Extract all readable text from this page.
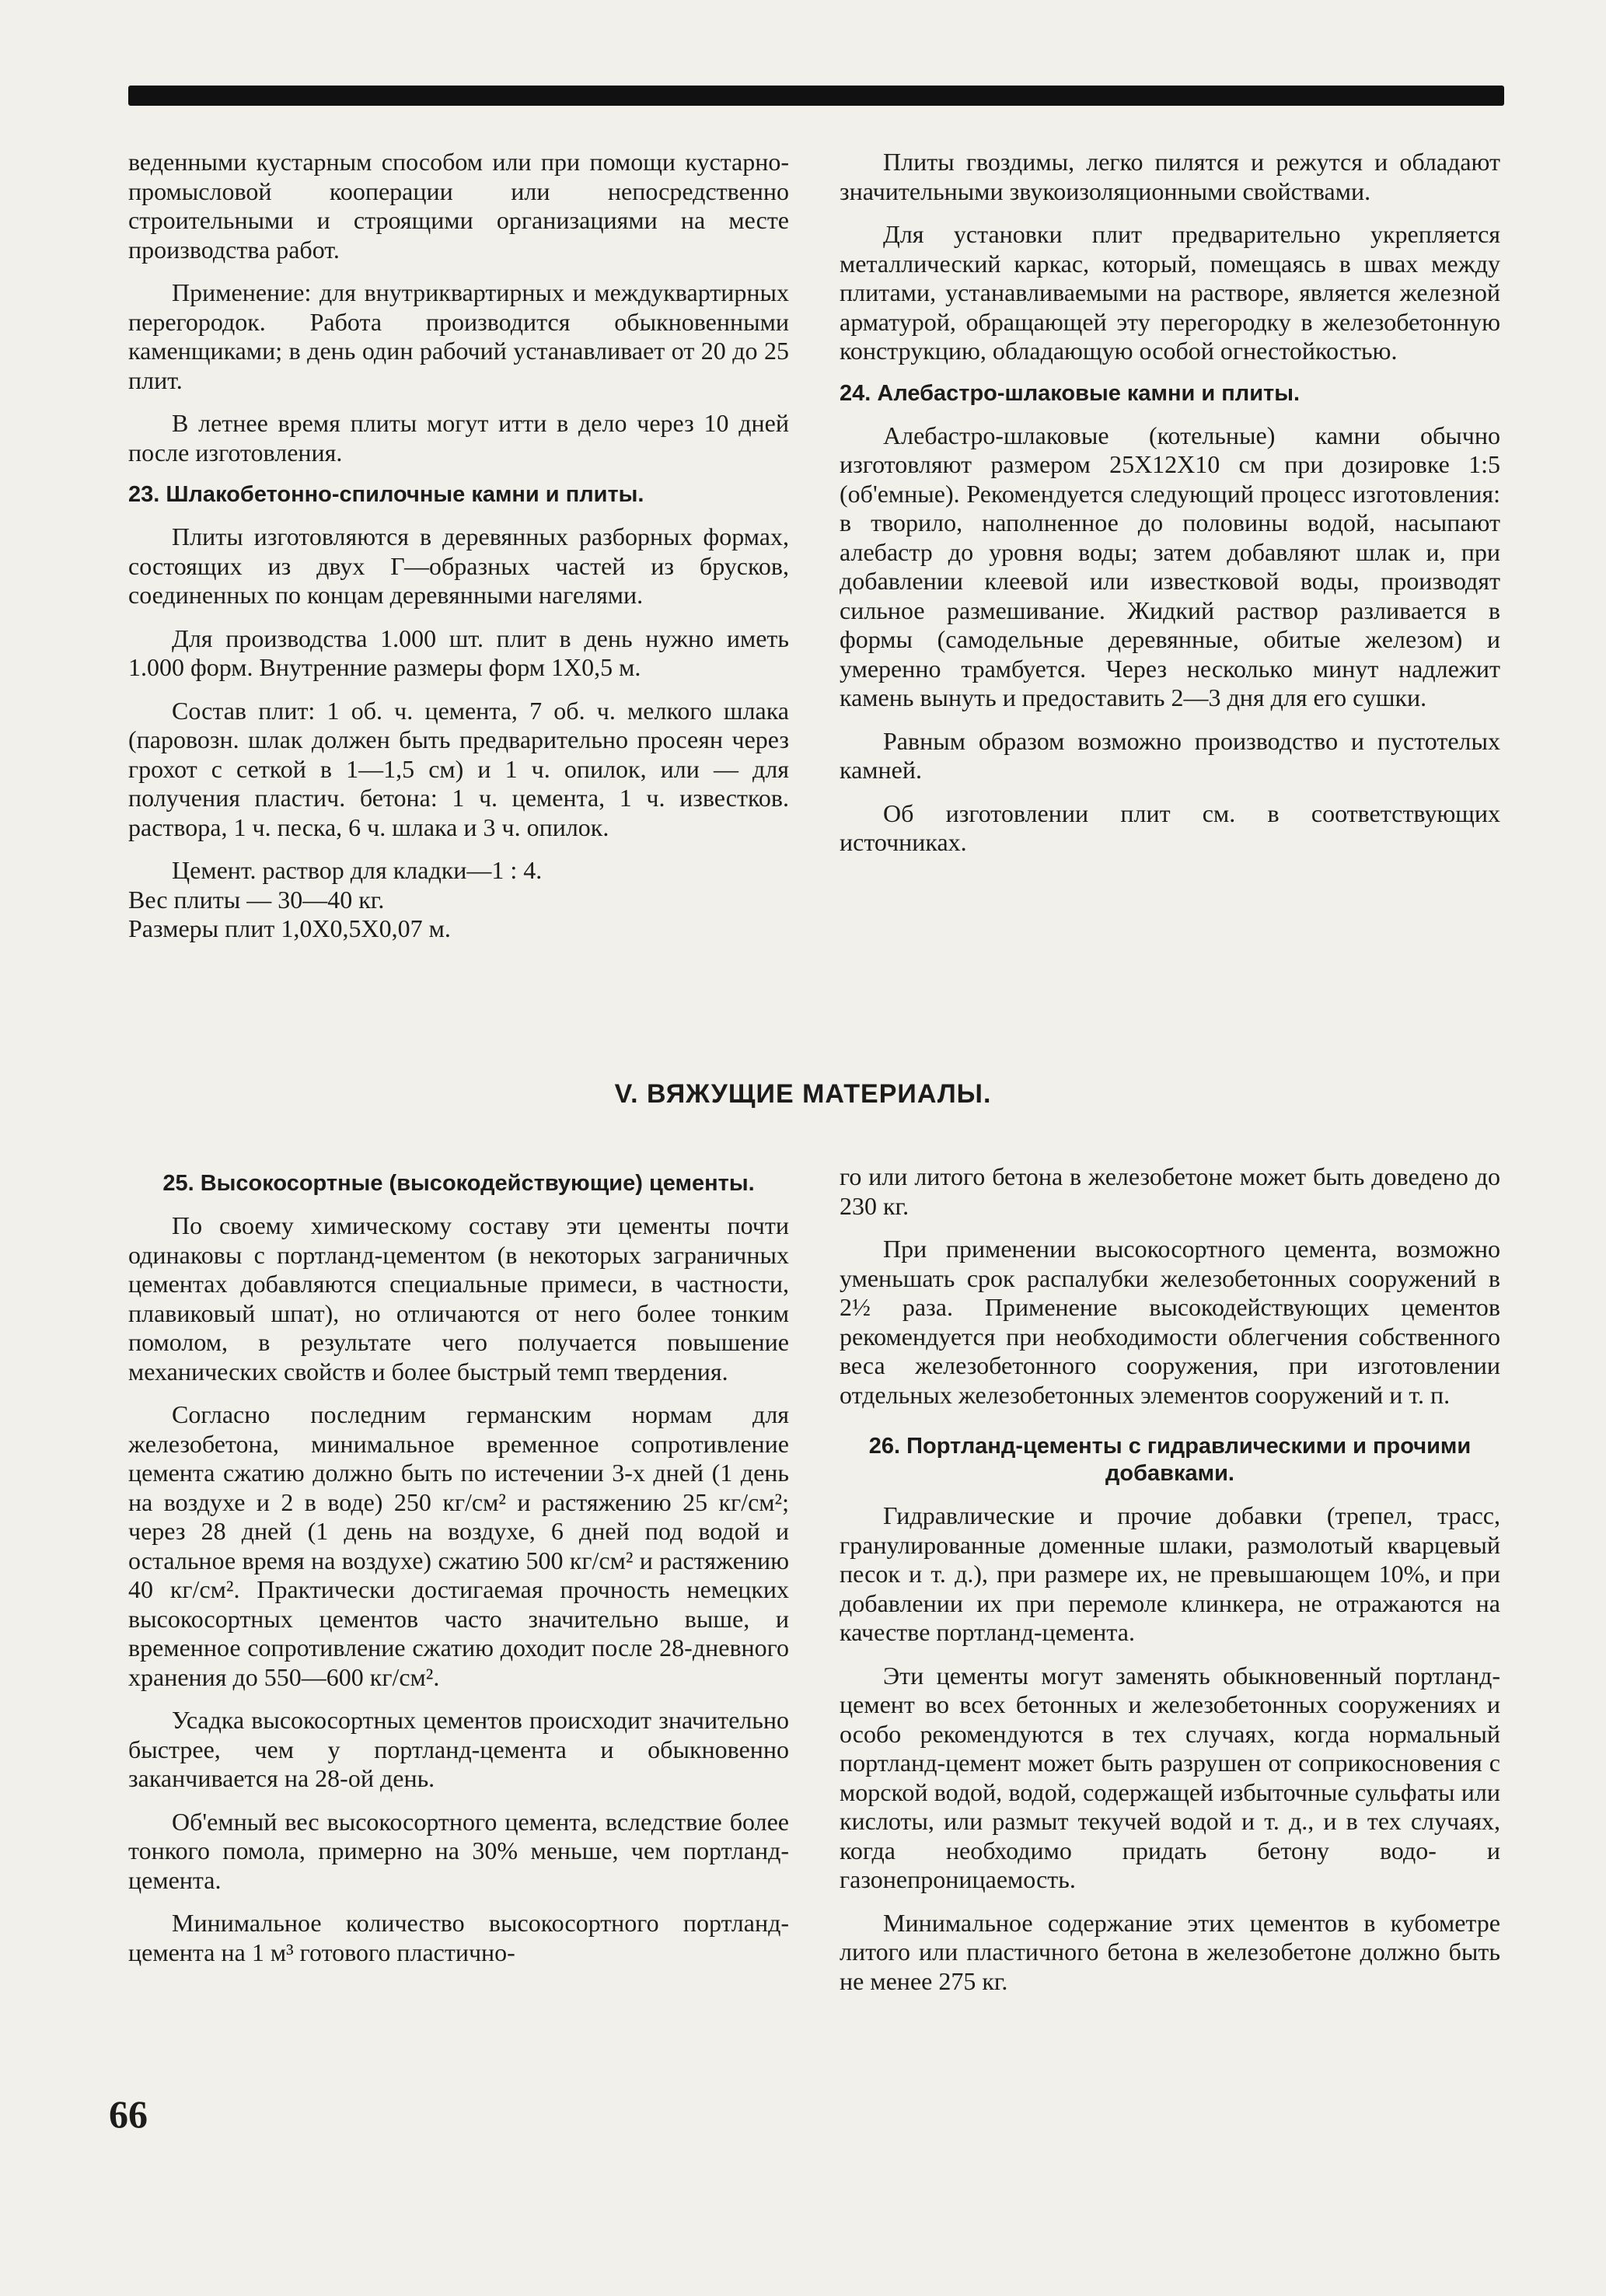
веденными кустарным способом или при помощи кустарно-промысловой кооперации или непосредственно строительными и строящими организациями на месте производства работ.

Применение: для внутриквартирных и междуквартирных перегородок. Работа производится обыкновенными каменщиками; в день один рабочий устанавливает от 20 до 25 плит.

В летнее время плиты могут итти в дело через 10 дней после изготовления.

23. Шлакобетонно-спилочные камни и плиты.

Плиты изготовляются в деревянных разборных формах, состоящих из двух Г—образных частей из брусков, соединенных по концам деревянными нагелями.

Для производства 1.000 шт. плит в день нужно иметь 1.000 форм. Внутренние размеры форм 1Х0,5 м.

Состав плит: 1 об. ч. цемента, 7 об. ч. мелкого шлака (паровозн. шлак должен быть предварительно просеян через грохот с сеткой в 1—1,5 см) и 1 ч. опилок, или — для получения пластич. бетона: 1 ч. цемента, 1 ч. известков. раствора, 1 ч. песка, 6 ч. шлака и 3 ч. опилок.

Цемент. раствор для кладки—1 : 4.
Вес плиты — 30—40 кг.
Размеры плит 1,0Х0,5Х0,07 м.

Плиты гвоздимы, легко пилятся и режутся и обладают значительными звукоизоляционными свойствами.

Для установки плит предварительно укрепляется металлический каркас, который, помещаясь в швах между плитами, устанавливаемыми на растворе, является железной арматурой, обращающей эту перегородку в железобетонную конструкцию, обладающую особой огнестойкостью.

24. Алебастро-шлаковые камни и плиты.

Алебастро-шлаковые (котельные) камни обычно изготовляют размером 25Х12Х10 см при дозировке 1:5 (об'емные). Рекомендуется следующий процесс изготовления: в творило, наполненное до половины водой, насыпают алебастр до уровня воды; затем добавляют шлак и, при добавлении клеевой или известковой воды, производят сильное размешивание. Жидкий раствор разливается в формы (самодельные деревянные, обитые железом) и умеренно трамбуется. Через несколько минут надлежит камень вынуть и предоставить 2—3 дня для его сушки.

Равным образом возможно производство и пустотелых камней.

Об изготовлении плит см. в соответствующих источниках.

V. ВЯЖУЩИЕ МАТЕРИАЛЫ.
25. Высокосортные (высокодействующие) цементы.

По своему химическому составу эти цементы почти одинаковы с портланд-цементом (в некоторых заграничных цементах добавляются специальные примеси, в частности, плавиковый шпат), но отличаются от него более тонким помолом, в результате чего получается повышение механических свойств и более быстрый темп твердения.

Согласно последним германским нормам для железобетона, минимальное временное сопротивление цемента сжатию должно быть по истечении 3-х дней (1 день на воздухе и 2 в воде) 250 кг/см² и растяжению 25 кг/см²; через 28 дней (1 день на воздухе, 6 дней под водой и остальное время на воздухе) сжатию 500 кг/см² и растяжению 40 кг/см². Практически достигаемая прочность немецких высокосортных цементов часто значительно выше, и временное сопротивление сжатию доходит после 28-дневного хранения до 550—600 кг/см².

Усадка высокосортных цементов происходит значительно быстрее, чем у портланд-цемента и обыкновенно заканчивается на 28-ой день.

Об'емный вес высокосортного цемента, вследствие более тонкого помола, примерно на 30% меньше, чем портланд-цемента.

Минимальное количество высокосортного портланд-цемента на 1 м³ готового пластично-

го или литого бетона в железобетоне может быть доведено до 230 кг.

При применении высокосортного цемента, возможно уменьшать срок распалубки железобетонных сооружений в 2½ раза. Применение высокодействующих цементов рекомендуется при необходимости облегчения собственного веса железобетонного сооружения, при изготовлении отдельных железобетонных элементов сооружений и т. п.

26. Портланд-цементы с гидравлическими и прочими добавками.

Гидравлические и прочие добавки (трепел, трасс, гранулированные доменные шлаки, размолотый кварцевый песок и т. д.), при размере их, не превышающем 10%, и при добавлении их при перемоле клинкера, не отражаются на качестве портланд-цемента.

Эти цементы могут заменять обыкновенный портланд-цемент во всех бетонных и железобетонных сооружениях и особо рекомендуются в тех случаях, когда нормальный портланд-цемент может быть разрушен от соприкосновения с морской водой, водой, содержащей избыточные сульфаты или кислоты, или размыт текучей водой и т. д., и в тех случаях, когда необходимо придать бетону водо- и газонепроницаемость.

Минимальное содержание этих цементов в кубометре литого или пластичного бетона в железобетоне должно быть не менее 275 кг.

66
